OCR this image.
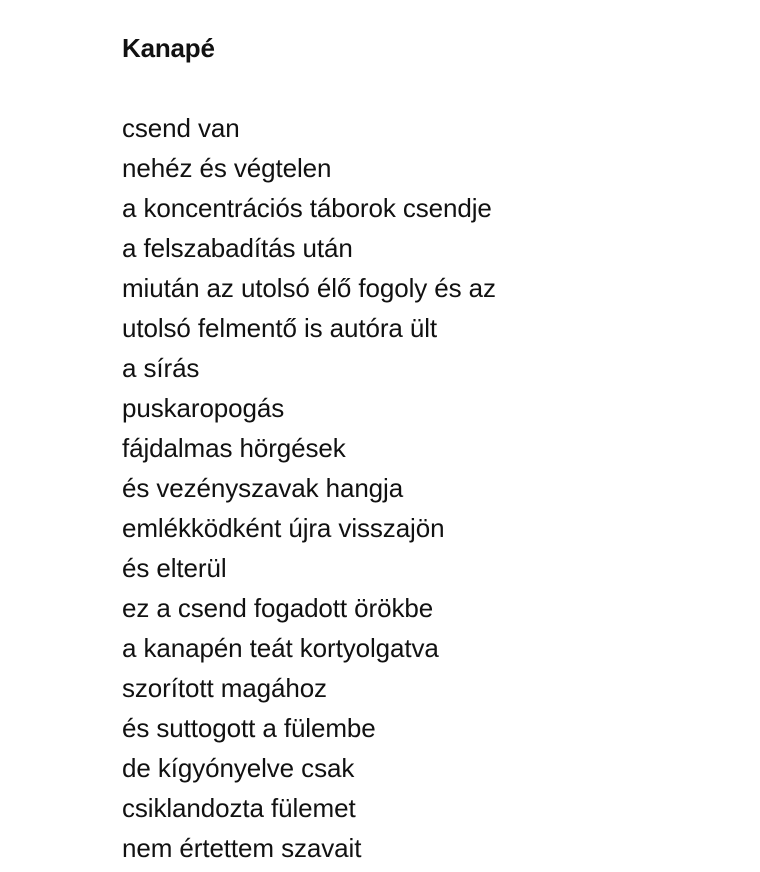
Kanapé
csend van
nehéz és végtelen
a koncentrációs táborok csendje
a felszabadítás után
miután az utolsó élő fogoly és az
utolsó felmentő is autóra ült
a sírás
puskaropogás
fájdalmas hörgések
és vezényszavak hangja
emlékködként újra visszajön
és elterül
ez a csend fogadott örökbe
a kanapén teát kortyolgatva
szorított magához
és suttogott a fülembe
de kígyónyelve csak
csiklandozta fülemet
nem értettem szavait
